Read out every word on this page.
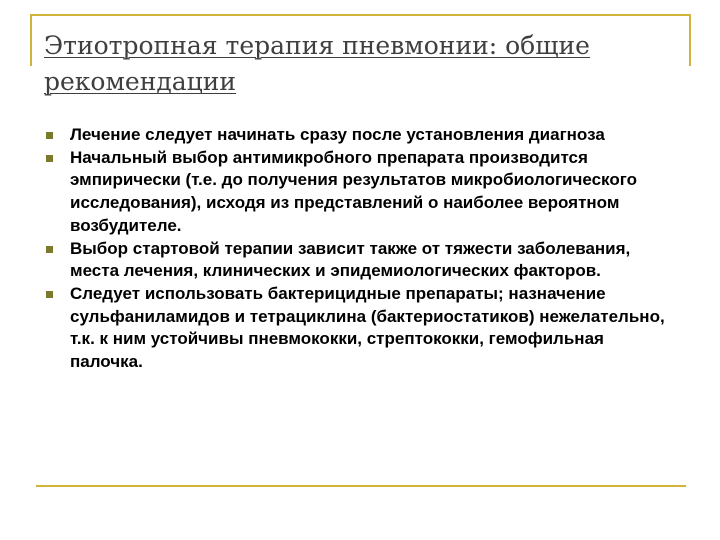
Этиотропная терапия пневмонии: общие рекомендации
Лечение следует начинать сразу после установления диагноза
Начальный выбор антимикробного препарата производится эмпирически (т.е. до получения результатов микробиологического исследования), исходя из представлений о наиболее вероятном возбудителе.
Выбор стартовой терапии зависит также от тяжести заболевания, места лечения, клинических и эпидемиологических факторов.
Следует использовать бактерицидные препараты; назначение сульфаниламидов и тетрациклина (бактериостатиков) нежелательно, т.к. к ним устойчивы пневмококки, стрептококки, гемофильная палочка.
